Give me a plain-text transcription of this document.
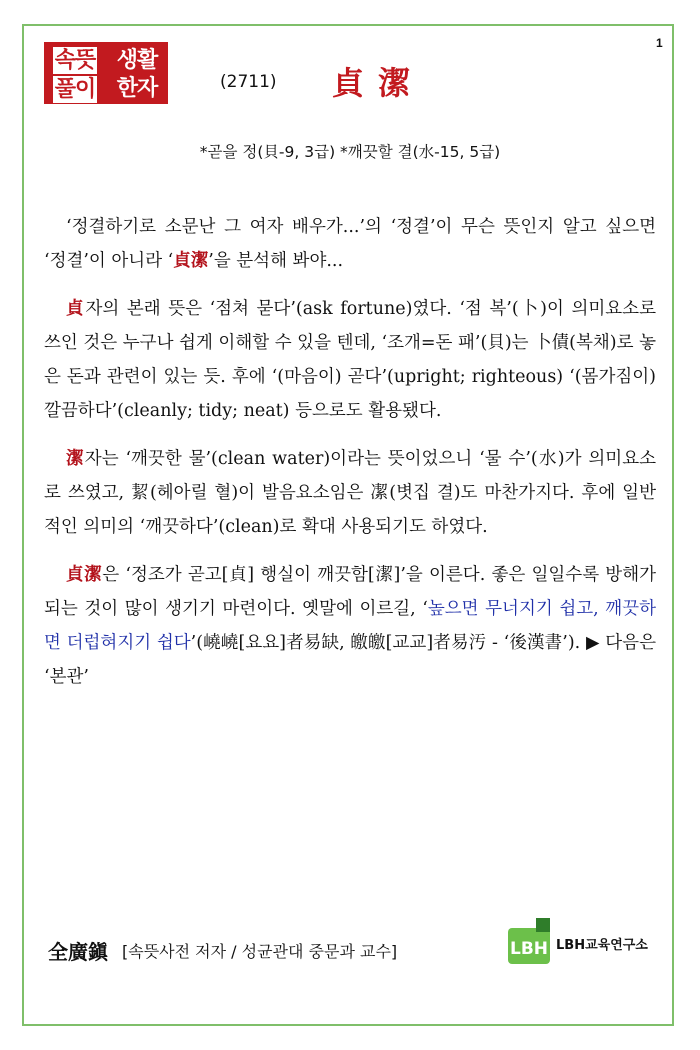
1
속뜻
풀이
생활
한자	(2711) 貞潔
*곧을 정(貝-9, 3급) *깨끗할 결(水-15, 5급)

‘정결하기로 소문난 그 여자 배우가...’의 ‘정결’이 무슨 뜻인지 알고 싶으면 ‘정결’이 아니라 ‘貞潔’을 분석해 봐야...

貞자의 본래 뜻은 ‘점쳐 묻다’(ask fortune)였다. ‘점 복’(卜)이 의미요소로 쓰인 것은 누구나 쉽게 이해할 수 있을 텐데, ‘조개=돈 패’(貝)는 卜債(복채)로 놓은 돈과 관련이 있는 듯. 후에 ‘(마음이) 곧다’(upright; righteous) ‘(몸가짐이) 깔끔하다’(cleanly; tidy; neat) 등으로도 활용됐다.

潔자는 ‘깨끗한 물’(clean water)이라는 뜻이었으니 ‘물 수’(水)가 의미요소로 쓰였고, 絜(헤아릴 혈)이 발음요소임은 㓗(볏집 결)도 마찬가지다. 후에 일반적인 의미의 ‘깨끗하다’(clean)로 확대 사용되기도 하였다.

貞潔은 ‘정조가 곧고[貞] 행실이 깨끗함[潔]’을 이른다. 좋은 일일수록 방해가 되는 것이 많이 생기기 마련이다. 옛말에 이르길, ‘높으면 무너지기 쉽고, 깨끗하면 더럽혀지기 쉽다’(嶢嶢[요요]者易缺, 皦皦[교교]者易汚 - ‘後漢書’). ▶ 다음은 ‘본관’

全廣鎭 [속뜻사전 저자 / 성균관대 중문과 교수]	LBH LBH교육연구소
